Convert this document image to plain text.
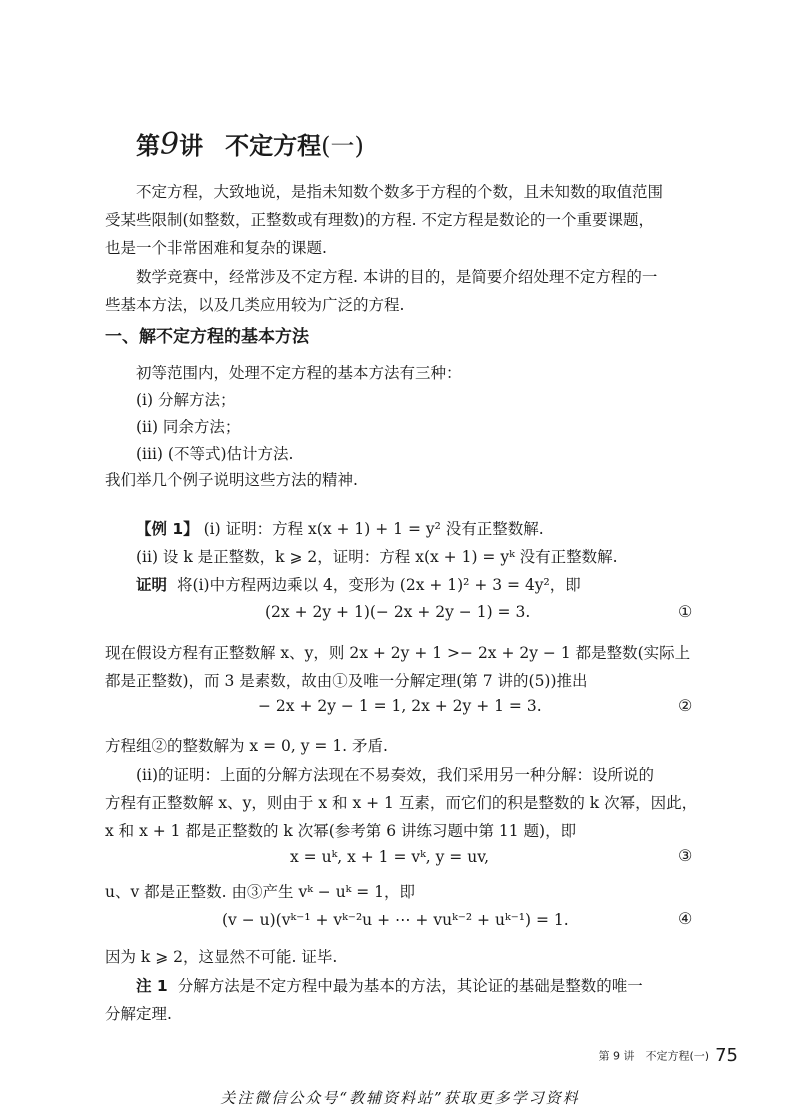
第9讲 不定方程(一)
不定方程，大致地说，是指未知数个数多于方程的个数，且未知数的取值范围
受某些限制(如整数，正整数或有理数)的方程. 不定方程是数论的一个重要课题，
也是一个非常困难和复杂的课题.
数学竞赛中，经常涉及不定方程. 本讲的目的，是简要介绍处理不定方程的一
些基本方法，以及几类应用较为广泛的方程.
一、解不定方程的基本方法
初等范围内，处理不定方程的基本方法有三种：
(i) 分解方法；
(ii) 同余方法；
(iii) (不等式)估计方法.
我们举几个例子说明这些方法的精神.
【例 1】 (i) 证明：方程 x(x + 1) + 1 = y² 没有正整数解.
(ii) 设 k 是正整数，k ⩾ 2，证明：方程 x(x + 1) = yᵏ 没有正整数解.
证明 将(i)中方程两边乘以 4，变形为 (2x + 1)² + 3 = 4y²，即
(2x + 2y + 1)(− 2x + 2y − 1) = 3.	①
现在假设方程有正整数解 x、y，则 2x + 2y + 1 >− 2x + 2y − 1 都是整数(实际上
都是正整数)，而 3 是素数，故由①及唯一分解定理(第 7 讲的(5))推出
− 2x + 2y − 1 = 1, 2x + 2y + 1 = 3.	②
方程组②的整数解为 x = 0, y = 1. 矛盾.
(ii)的证明：上面的分解方法现在不易奏效，我们采用另一种分解：设所说的
方程有正整数解 x、y，则由于 x 和 x + 1 互素，而它们的积是整数的 k 次幂，因此，
x 和 x + 1 都是正整数的 k 次幂(参考第 6 讲练习题中第 11 题)，即
x = uᵏ, x + 1 = vᵏ, y = uv,	③
u、v 都是正整数. 由③产生 vᵏ − uᵏ = 1，即
(v − u)(vᵏ⁻¹ + vᵏ⁻²u + ⋯ + vuᵏ⁻² + uᵏ⁻¹) = 1.	④
因为 k ⩾ 2，这显然不可能. 证毕.
注 1 分解方法是不定方程中最为基本的方法，其论证的基础是整数的唯一
分解定理.
第 9 讲　不定方程(一) 75
关注微信公众号“教辅资料站”获取更多学习资料
